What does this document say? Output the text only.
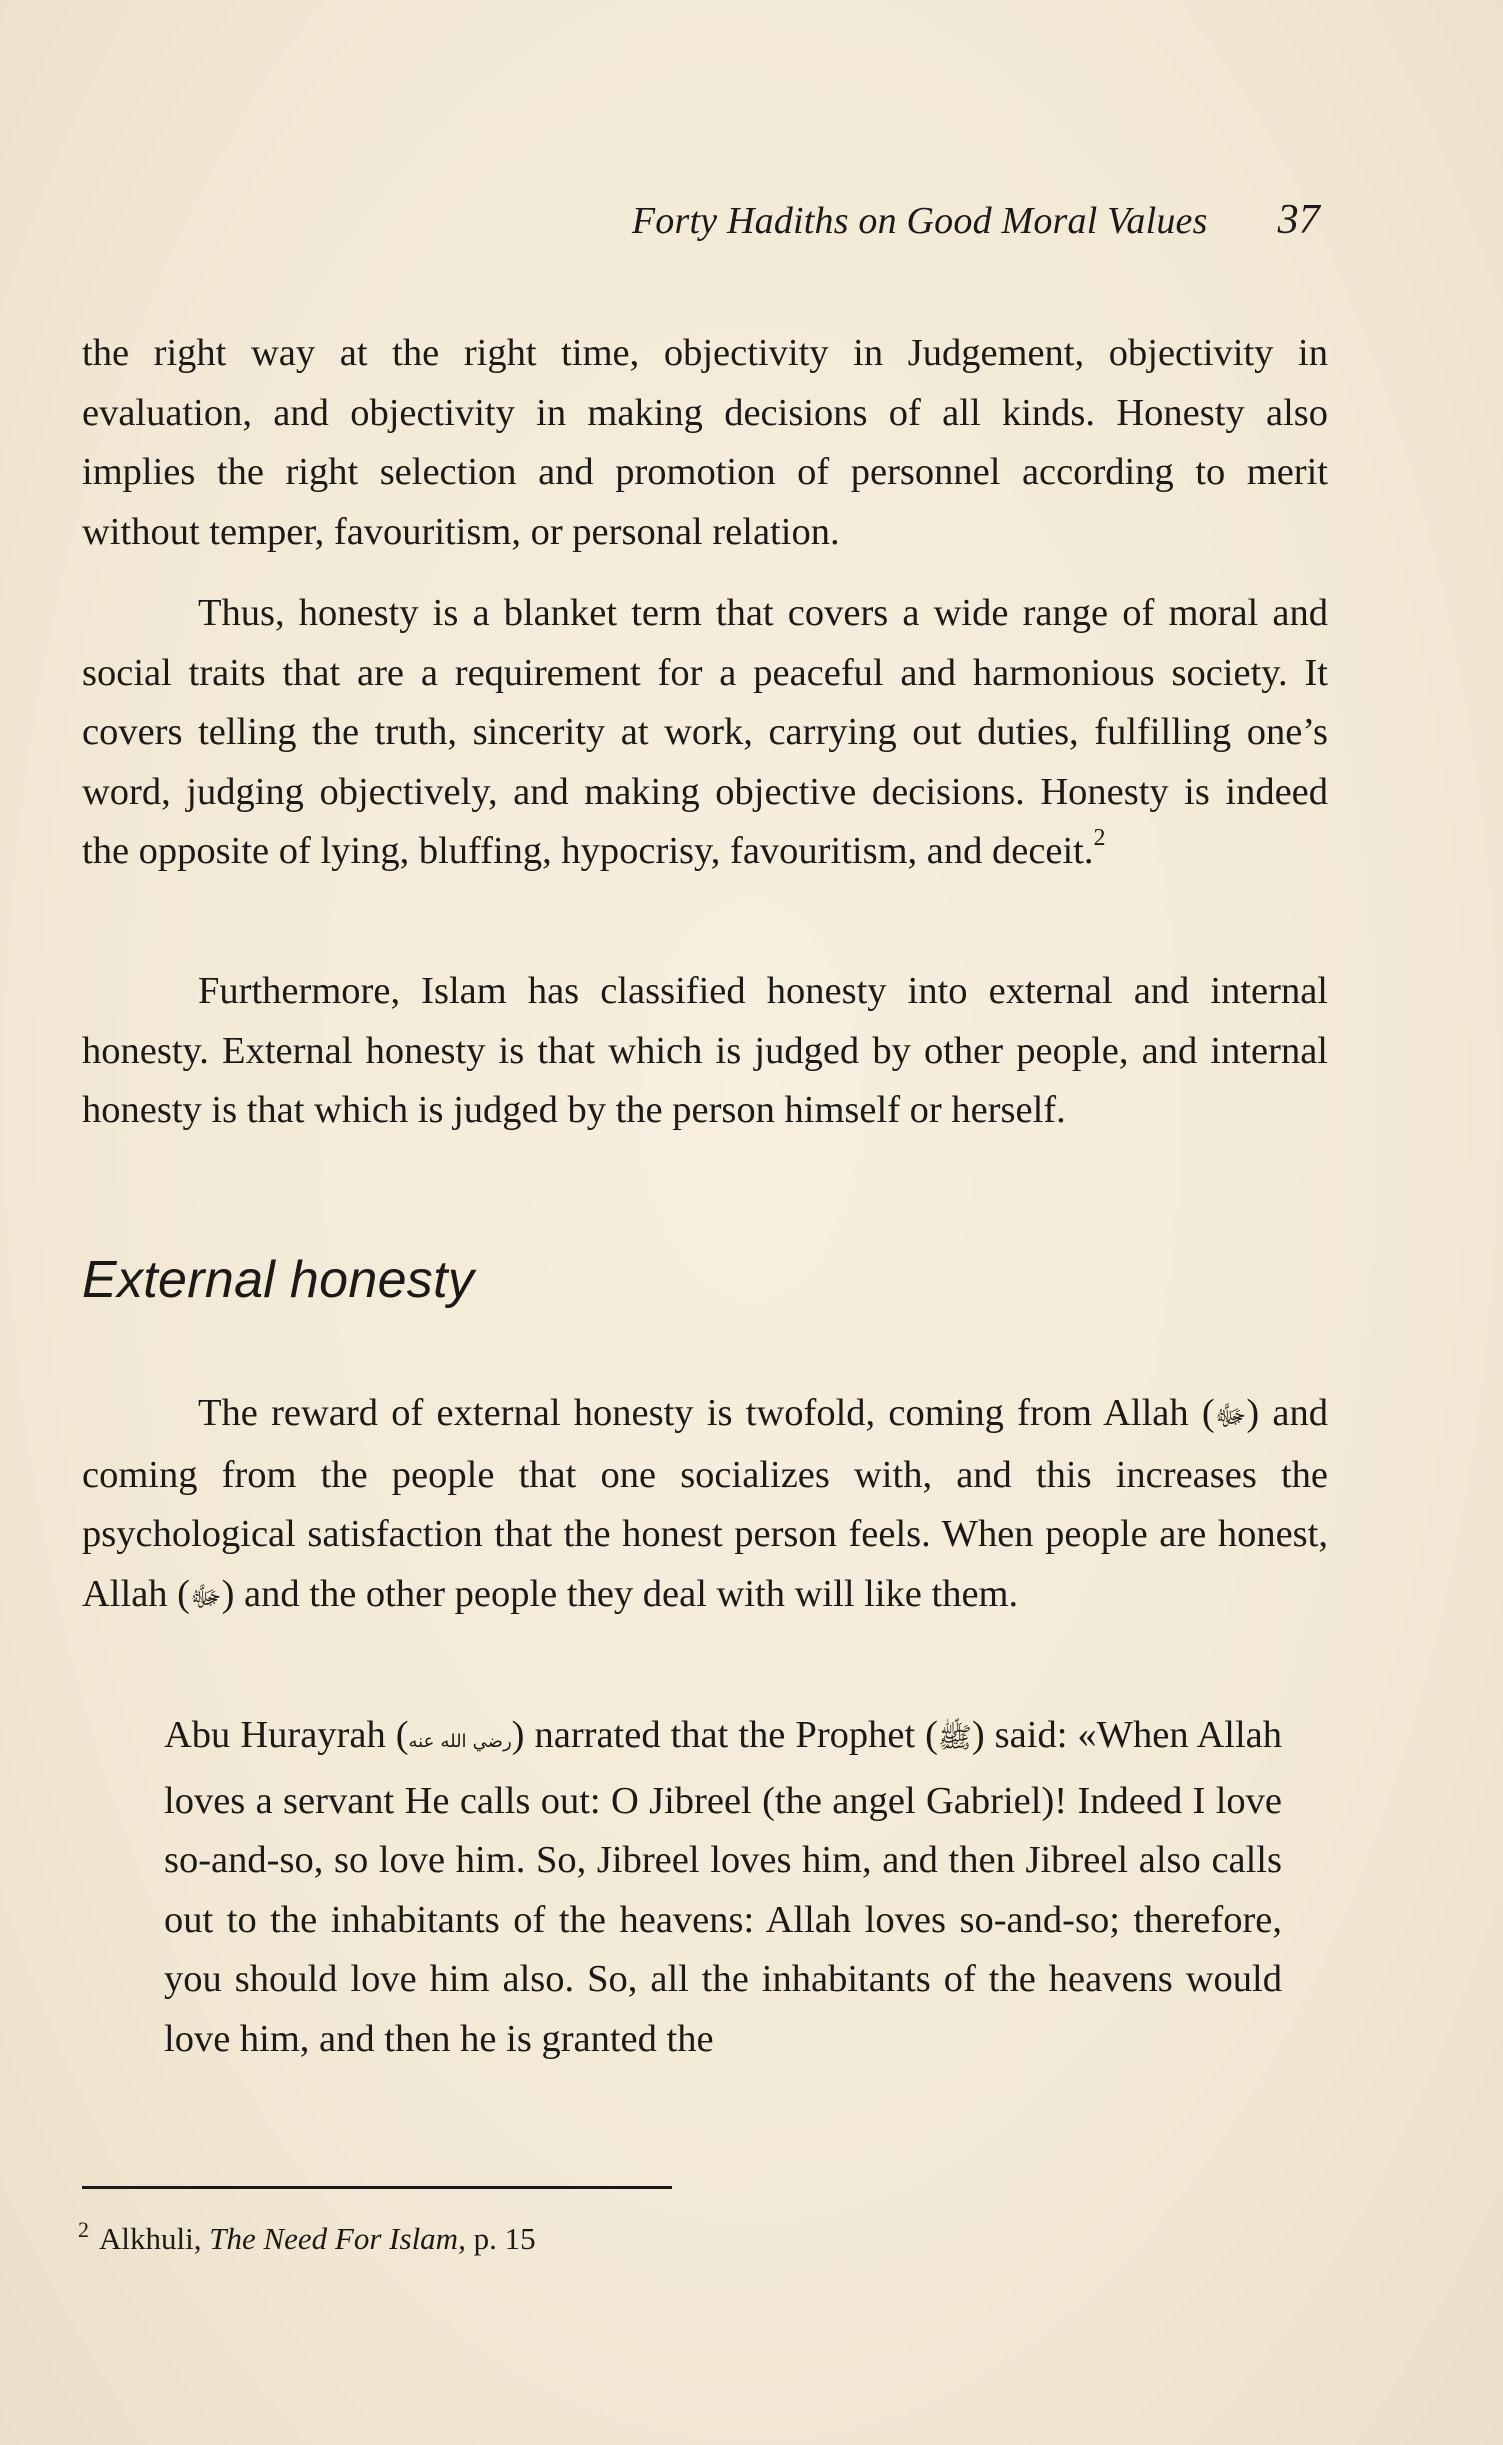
Forty Hadiths on Good Moral Values 37

the right way at the right time, objectivity in Judgement, objectivity in evaluation, and objectivity in making decisions of all kinds. Honesty also implies the right selection and promotion of personnel according to merit without temper, favouritism, or personal relation.

Thus, honesty is a blanket term that covers a wide range of moral and social traits that are a requirement for a peaceful and harmonious society. It covers telling the truth, sincerity at work, carrying out duties, fulfilling one’s word, judging objectively, and making objective decisions. Honesty is indeed the opposite of lying, bluffing, hypocrisy, favouritism, and deceit.$^2$

Furthermore, Islam has classified honesty into external and internal honesty. External honesty is that which is judged by other people, and internal honesty is that which is judged by the person himself or herself.

External honesty

The reward of external honesty is twofold, coming from Allah (ﷻ) and coming from the people that one socializes with, and this increases the psychological satisfaction that the honest person feels. When people are honest, Allah (ﷻ) and the other people they deal with will like them.

Abu Hurayrah (رضي الله عنه) narrated that the Prophet (ﷺ) said: «When Allah loves a servant He calls out: O Jibreel (the angel Gabriel)! Indeed I love so-and-so, so love him. So, Jibreel loves him, and then Jibreel also calls out to the inhabitants of the heavens: Allah loves so-and-so; therefore, you should love him also. So, all the inhabitants of the heavens would love him, and then he is granted the

$^2$ Alkhuli, The Need For Islam, p. 15
